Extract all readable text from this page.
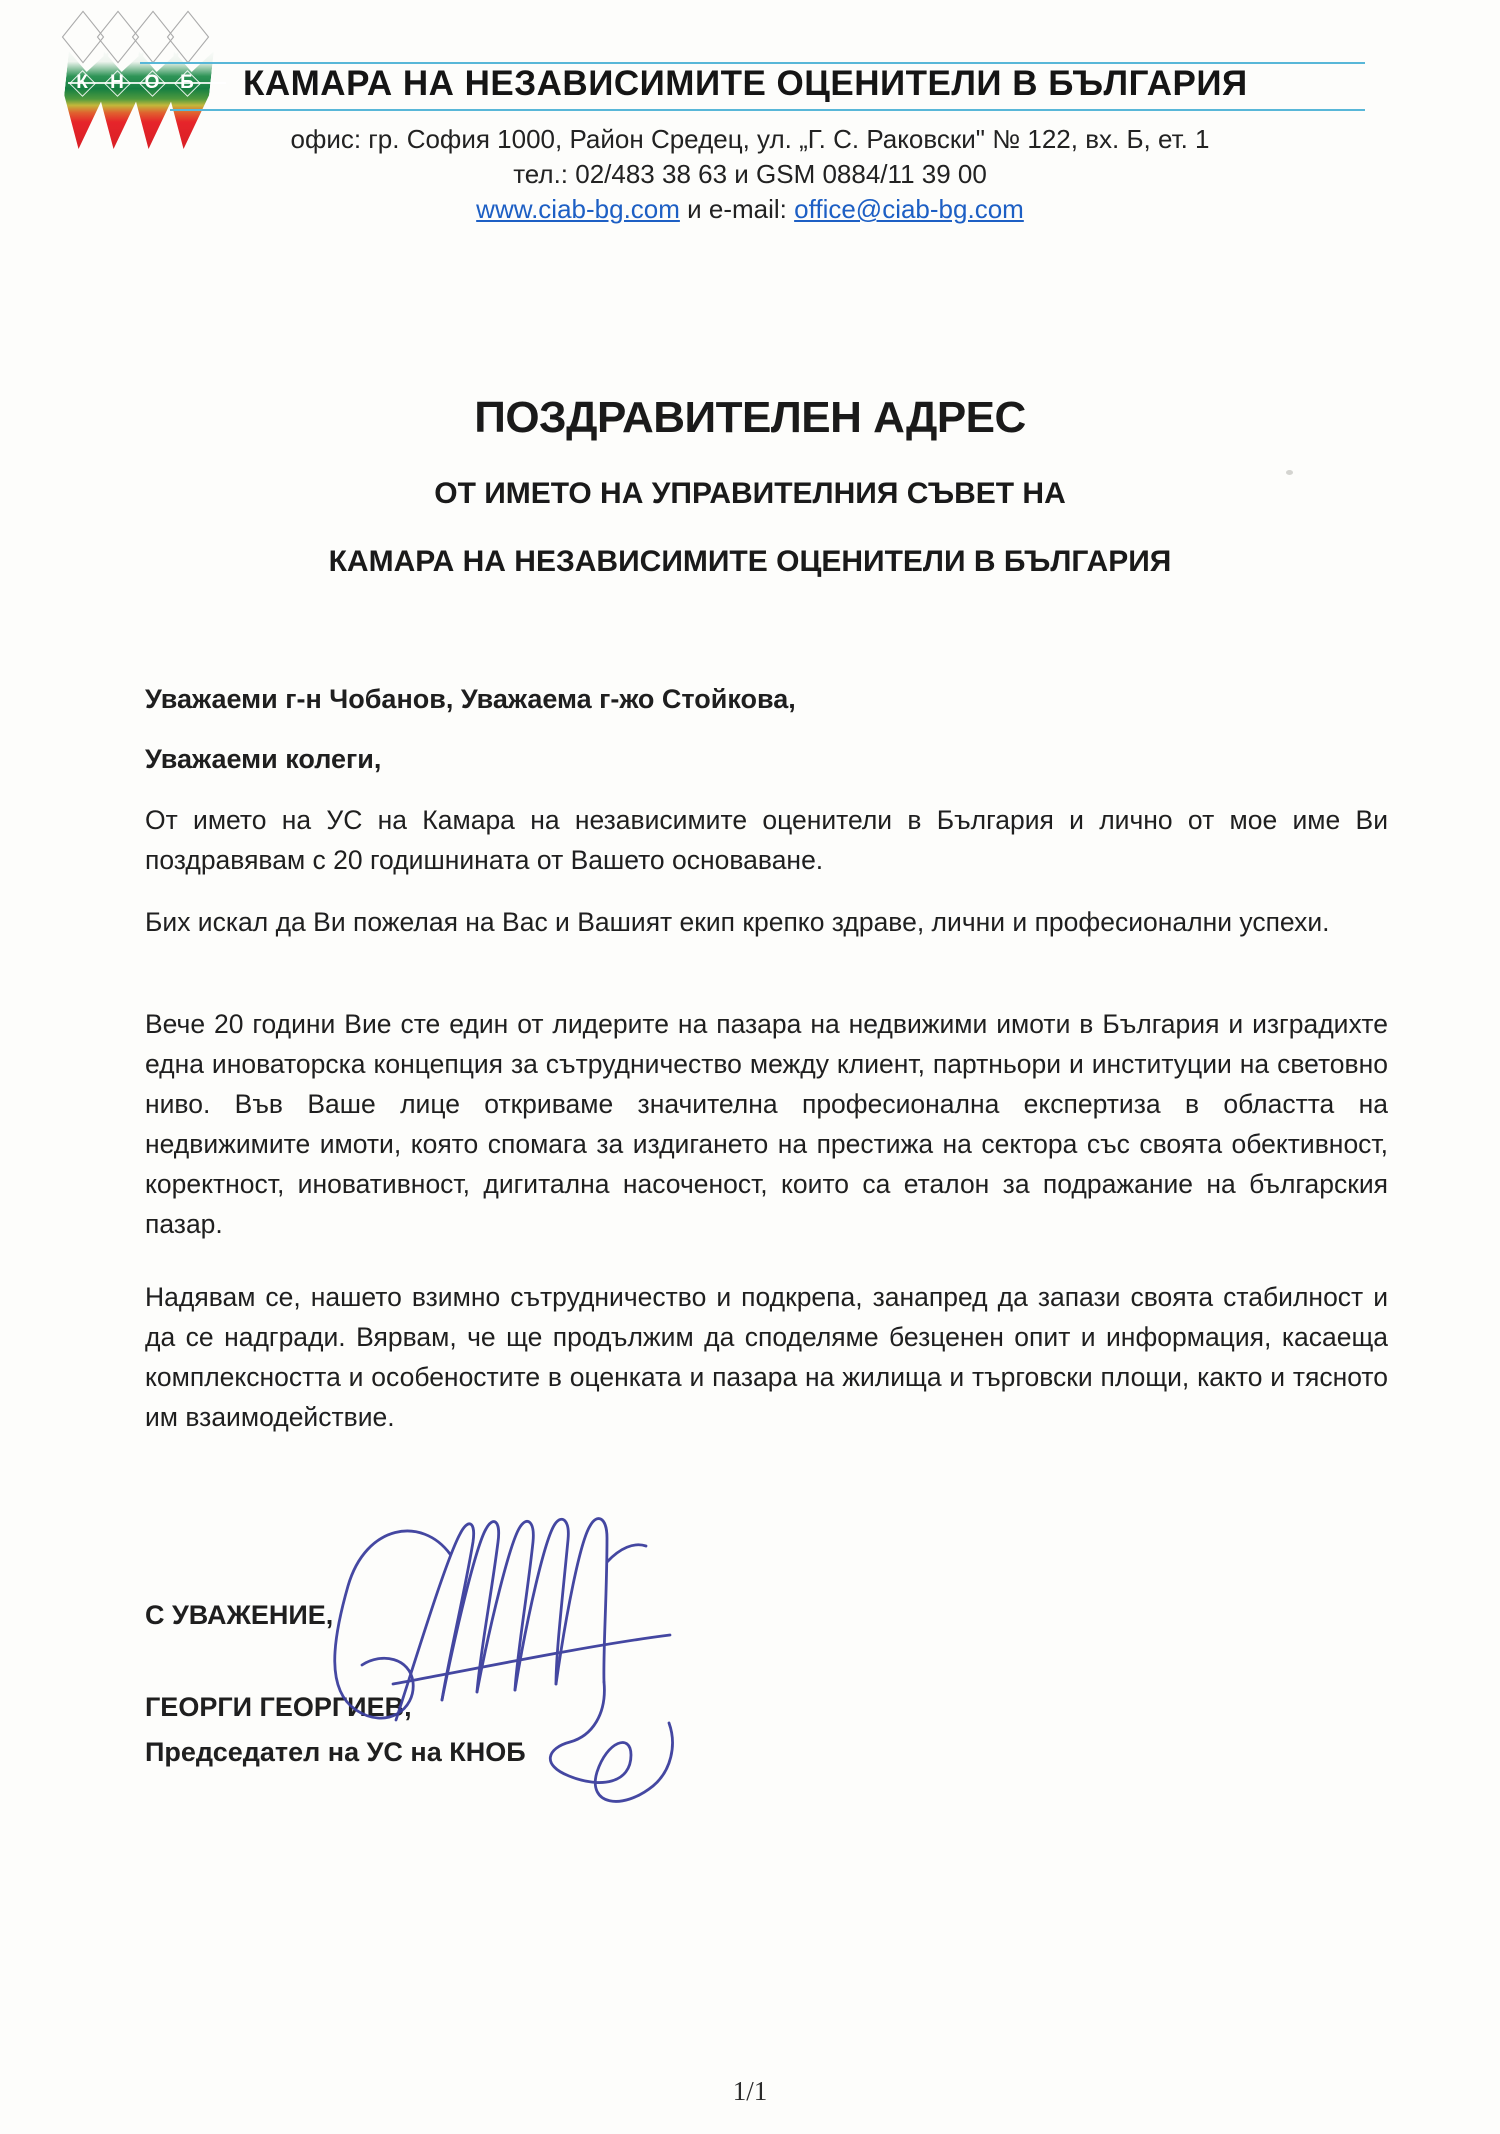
К	Н	О	Б	КАМАРА НА НЕЗАВИСИМИТЕ ОЦЕНИТЕЛИ В БЪЛГАРИЯ
офис: гр. София 1000, Район Средец, ул. „Г. С. Раковски" № 122, вх. Б, ет. 1
тел.: 02/483 38 63 и GSM 0884/11 39 00
www.ciab-bg.com и e-mail: office@ciab-bg.com
ПОЗДРАВИТЕЛЕН АДРЕС
ОТ ИМЕТО НА УПРАВИТЕЛНИЯ СЪВЕТ НА
КАМАРА НА НЕЗАВИСИМИТЕ ОЦЕНИТЕЛИ В БЪЛГАРИЯ
Уважаеми г-н Чобанов, Уважаема г-жо Стойкова,
Уважаеми колеги,

От името на УС на Камара на независимите оценители в България и лично от мое име Ви поздравявам с 20 годишнината от Вашето основаване.

Бих искал да Ви пожелая на Вас и Вашият екип крепко здраве, лични и професионални успехи.

Вече 20 години Вие сте един от лидерите на пазара на недвижими имоти в България и изградихте една иноваторска концепция за сътрудничество между клиент, партньори и институции на световно ниво. Във Ваше лице откриваме значителна професионална експертиза в областта на недвижимите имоти, която спомага за издигането на престижа на сектора със своята обективност, коректност, иновативност, дигитална насоченост, които са еталон за подражание на българския пазар.

Надявам се, нашето взимно сътрудничество и подкрепа, занапред да запази своята стабилност и да се надгради. Вярвам, че ще продължим да споделяме безценен опит и информация, касаеща комплексността и особеностите в оценката и пазара на жилища и търговски площи, както и тясното им взаимодействие.

С УВАЖЕНИЕ,
ГЕОРГИ ГЕОРГИЕВ,
Председател на УС на КНОБ
1/1
